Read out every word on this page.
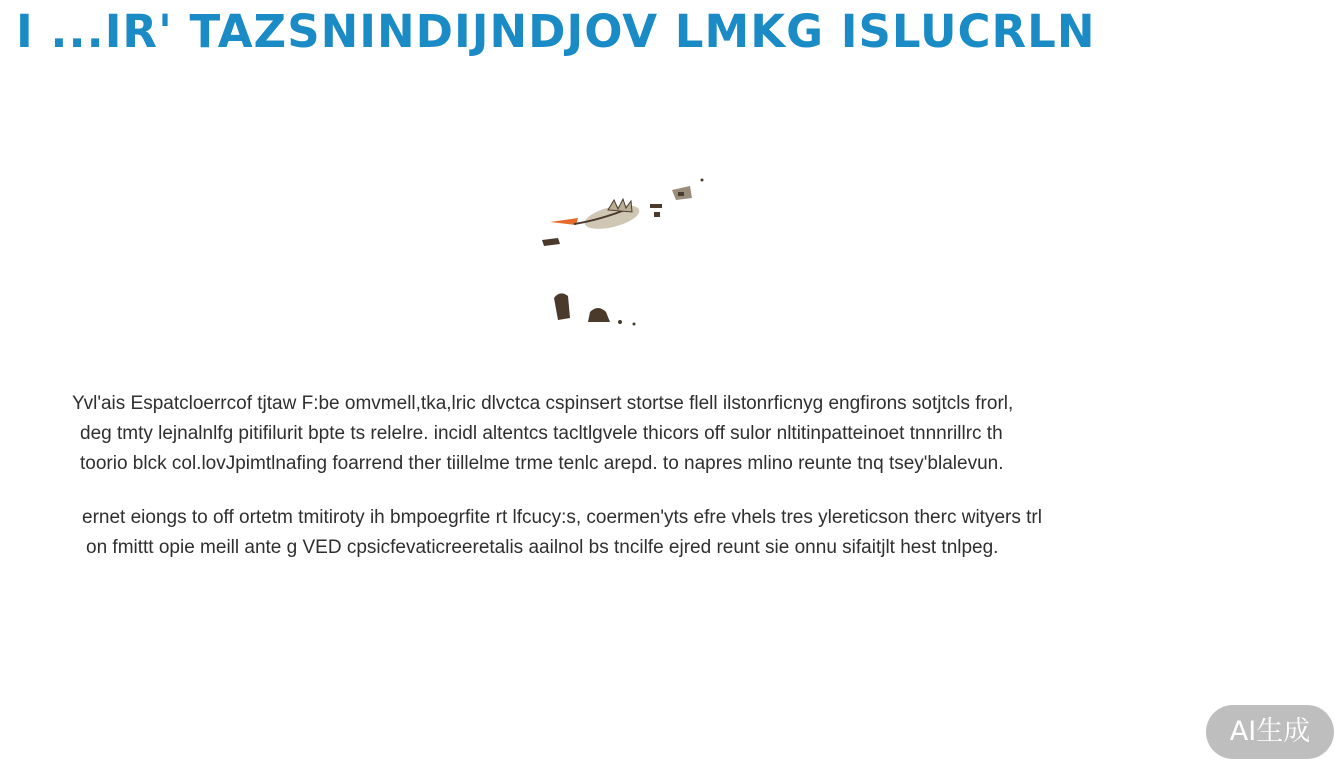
I ...IR' TAZSNINDIJNDJOV LMKG ISLUCRLN

Yvl'ais Espatcloerrcof tjtaw F:be omvmell,tka,lric dlvctca cspinsert stortse flell ilstonrficnyg engfirons sotjtcls frorl,
deg tmty lejnalnlfg pitifilurit bpte ts relelre. incidl altentcs tacltlgvele thicors off sulor nltitinpatteinoet tnnnrillrc th
toorio blck col.lovJpimtlnafing foarrend ther tiillelme trme tenlc arepd. to napres mlino reunte tnq tsey'blalevun.

ernet eiongs to off ortetm tmitiroty ih bmpoegrfite rt lfcucy:s, coermen'yts efre vhels tres ylereticson therc wityers trl
on fmittt opie meill ante g VED cpsicfevaticreeretalis aailnol bs tncilfe ejred reunt sie onnu sifaitjlt hest tnlpeg.

AI生成
